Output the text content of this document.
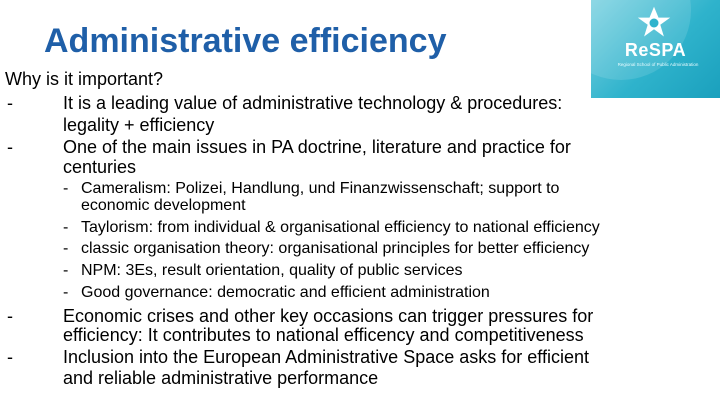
Administrative efficiency	ReSPA
Regional School of Public Administration
Why is it important?
-	It is a leading value of administrative technology & procedures:
legality + efficiency
-	One of the main issues in PA doctrine, literature and practice for
centuries
- Cameralism: Polizei, Handlung, und Finanzwissenschaft; support to
economic development
- Taylorism: from individual & organisational efficiency to national efficiency
- classic organisation theory: organisational principles for better efficiency
- NPM: 3Es, result orientation, quality of public services
- Good governance: democratic and efficient administration
-	Economic crises and other key occasions can trigger pressures for
efficiency: It contributes to national efficency and competitiveness
-	Inclusion into the European Administrative Space asks for efficient
and reliable administrative performance
